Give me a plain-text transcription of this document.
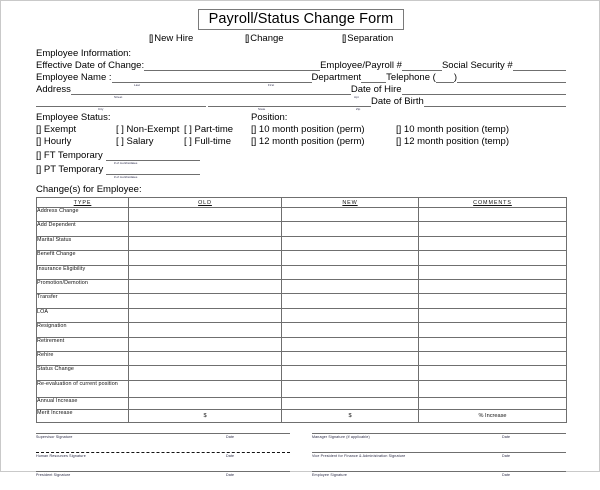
Payroll/Status Change Form
[] New Hire	[] Change	[] Separation
Employee Information:
Effective Date of Change:	Employee/Payroll #	Social Security #
Employee Name :	Department	Telephone ( )
Last	First
Address	Date of Hire
Street	Apt Date of Birth
City	State	Zip
Employee Status:
[] Exempt	[ ] Non-Exempt [ ] Part-time
[] Hourly	[ ] Salary	[ ] Full-time
[] FT Temporary
# of months/dates
[] PT Temporary
# of months/dates
Position:
[] 10 month position (perm)	[] 10 month position (temp)
[] 12 month position (perm)	[] 12 month position (temp)
Change(s) for Employee:
TYPE	OLD	NEW	COMMENTS
Address Change			
Add Dependent			
Marital Status			
Benefit Change			
Insurance Eligibility			
Promotion/Demotion			
Transfer			
LOA			
Resignation			
Retirement			
Rehire			
Status Change			
Re-evaluation of current position			
Annual Increase			
Merit Increase	$	$	% Increase
Supervisor Signature	Date
Human Resources Signature	Date
President Signature	Date
Manager Signature (if applicable)	Date
Vice President for Finance & Administration Signature	Date
Employee Signature	Date
